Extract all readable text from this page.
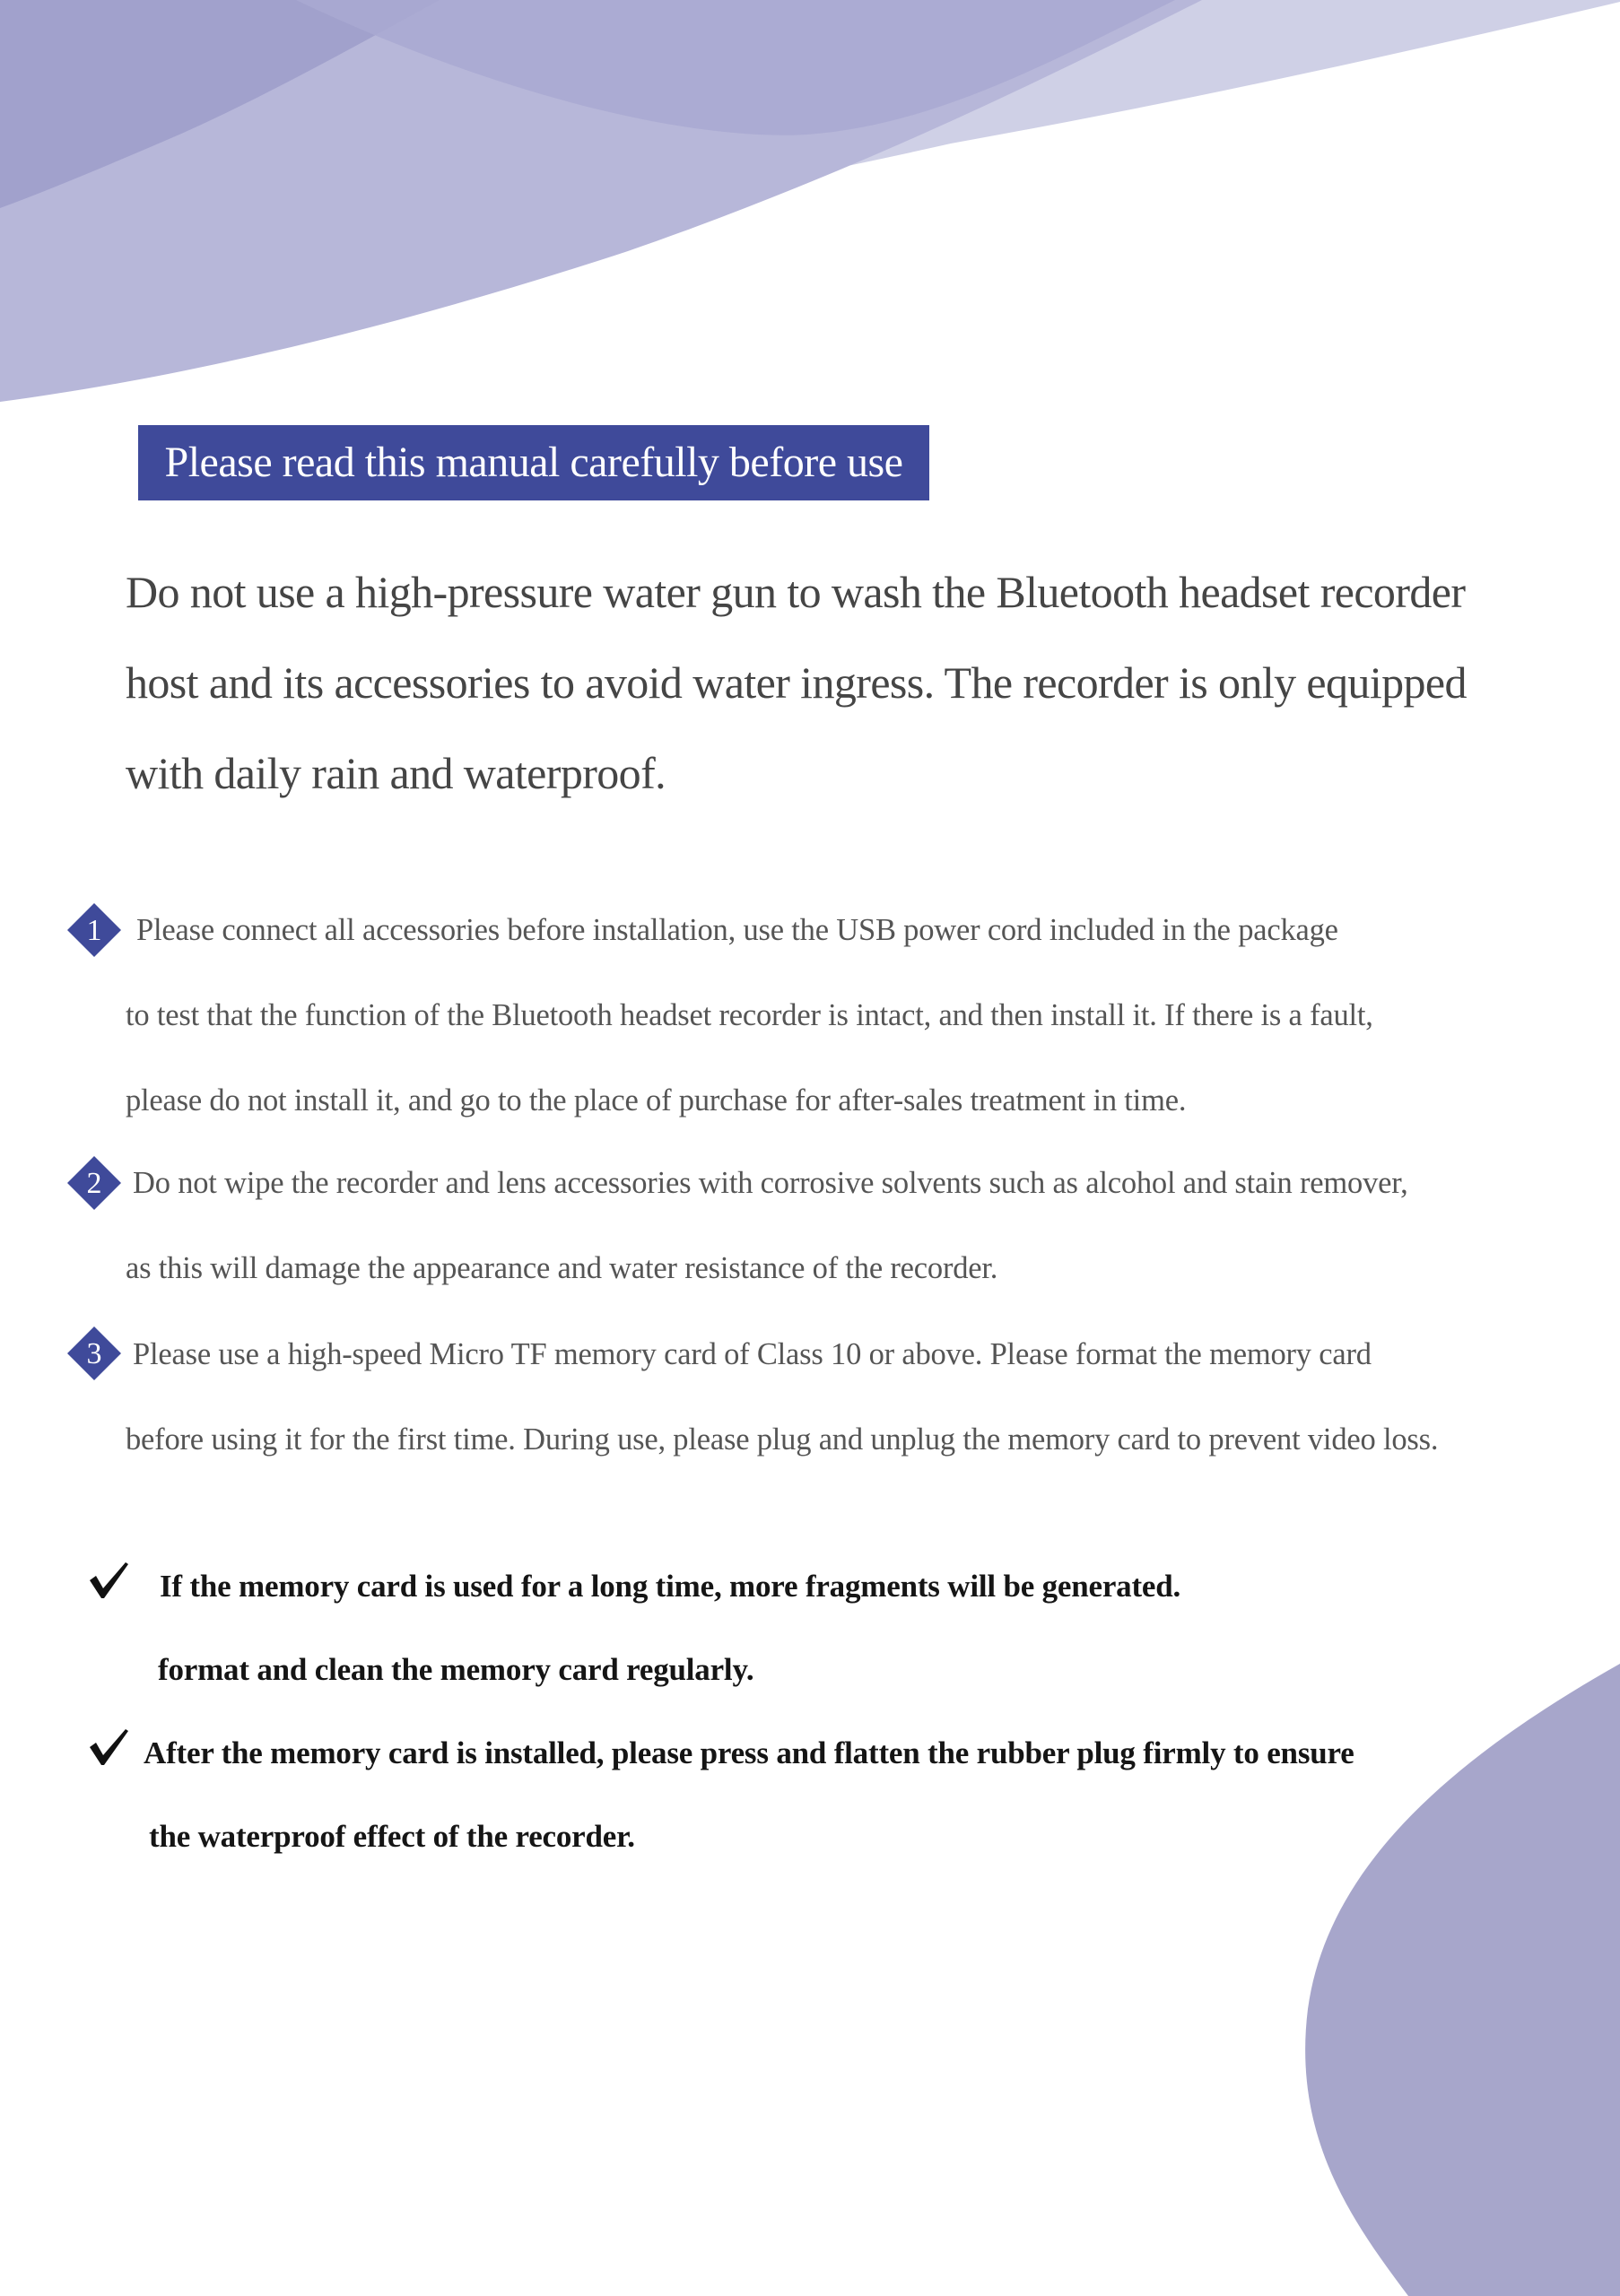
Please read this manual carefully before use
Do not use a high-pressure water gun to wash the Bluetooth headset recorder
host and its accessories to avoid water ingress. The recorder is only equipped
with daily rain and waterproof.
1	Please connect all accessories before installation, use the USB power cord included in the package
to test that the function of the Bluetooth headset recorder is intact, and then install it. If there is a fault,
please do not install it, and go to the place of purchase for after-sales treatment in time.
2 Do not wipe the recorder and lens accessories with corrosive solvents such as alcohol and stain remover,
as this will damage the appearance and water resistance of the recorder.
3 Please use a high-speed Micro TF memory card of Class 10 or above. Please format the memory card
before using it for the first time. During use, please plug and unplug the memory card to prevent video loss.
If the memory card is used for a long time, more fragments will be generated.
format and clean the memory card regularly.
After the memory card is installed, please press and flatten the rubber plug firmly to ensure
the waterproof effect of the recorder.
